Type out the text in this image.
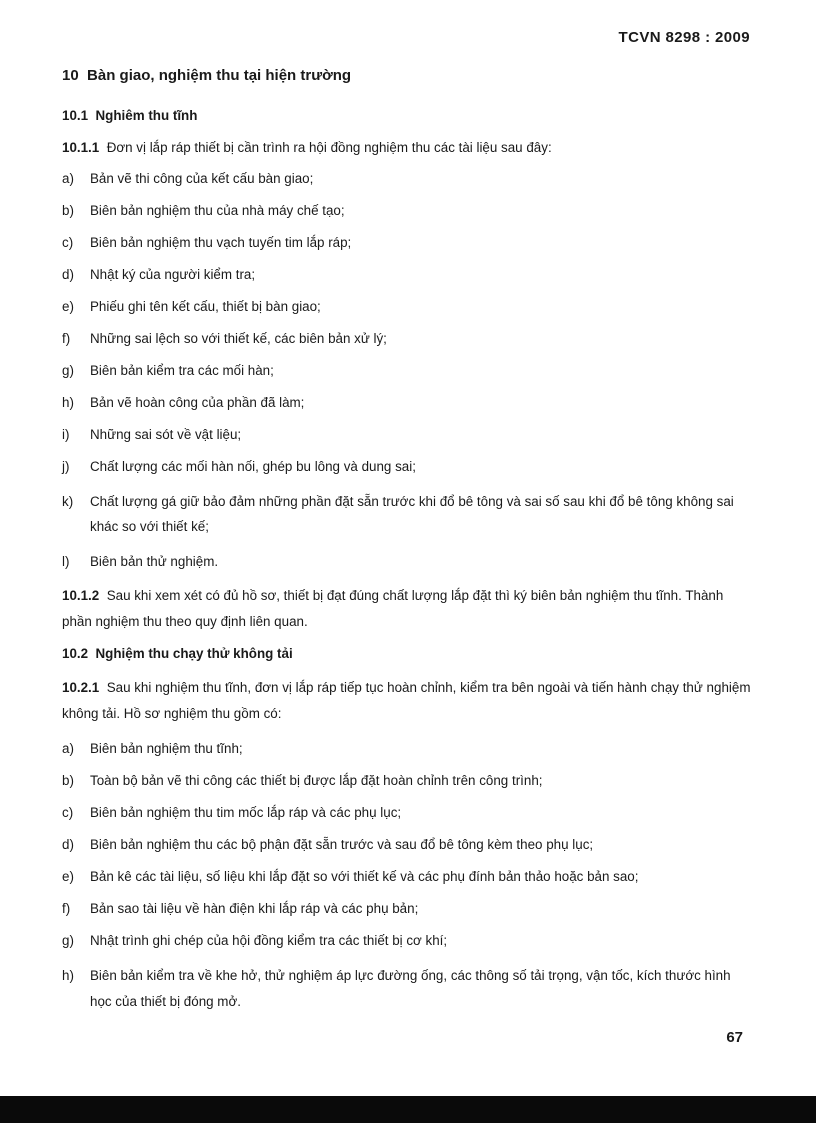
TCVN 8298 : 2009
10 Bàn giao, nghiệm thu tại hiện trường
10.1 Nghiêm thu tĩnh

10.1.1 Đơn vị lắp ráp thiết bị cần trình ra hội đồng nghiệm thu các tài liệu sau đây:

a)	Bản vẽ thi công của kết cấu bàn giao;
b)	Biên bản nghiệm thu của nhà máy chế tạo;
c)	Biên bản nghiệm thu vạch tuyến tim lắp ráp;
d)	Nhật ký của người kiểm tra;
e)	Phiếu ghi tên kết cấu, thiết bị bàn giao;
f)	Những sai lệch so với thiết kế, các biên bản xử lý;
g)	Biên bản kiểm tra các mối hàn;
h)	Bản vẽ hoàn công của phần đã làm;
i)	Những sai sót về vật liệu;
j)	Chất lượng các mối hàn nối, ghép bu lông và dung sai;
k)	Chất lượng gá giữ bảo đảm những phần đặt sẵn trước khi đổ bê tông và sai số sau khi đổ bê tông không sai khác so với thiết kế;
l)	Biên bản thử nghiệm.

10.1.2 Sau khi xem xét có đủ hồ sơ, thiết bị đạt đúng chất lượng lắp đặt thì ký biên bản nghiệm thu tĩnh. Thành phần nghiệm thu theo quy định liên quan.

10.2 Nghiệm thu chạy thử không tải

10.2.1 Sau khi nghiệm thu tĩnh, đơn vị lắp ráp tiếp tục hoàn chỉnh, kiểm tra bên ngoài và tiến hành chạy thử nghiệm không tải. Hồ sơ nghiệm thu gồm có:

a)	Biên bản nghiệm thu tĩnh;
b)	Toàn bộ bản vẽ thi công các thiết bị được lắp đặt hoàn chỉnh trên công trình;
c)	Biên bản nghiệm thu tim mốc lắp ráp và các phụ lục;
d)	Biên bản nghiệm thu các bộ phận đặt sẵn trước và sau đổ bê tông kèm theo phụ lục;
e)	Bản kê các tài liệu, số liệu khi lắp đặt so với thiết kế và các phụ đính bản thảo hoặc bản sao;
f)	Bản sao tài liệu về hàn điện khi lắp ráp và các phụ bản;
g)	Nhật trình ghi chép của hội đồng kiểm tra các thiết bị cơ khí;
h)	Biên bản kiểm tra về khe hở, thử nghiệm áp lực đường ống, các thông số tải trọng, vận tốc, kích thước hình học của thiết bị đóng mở.
67
